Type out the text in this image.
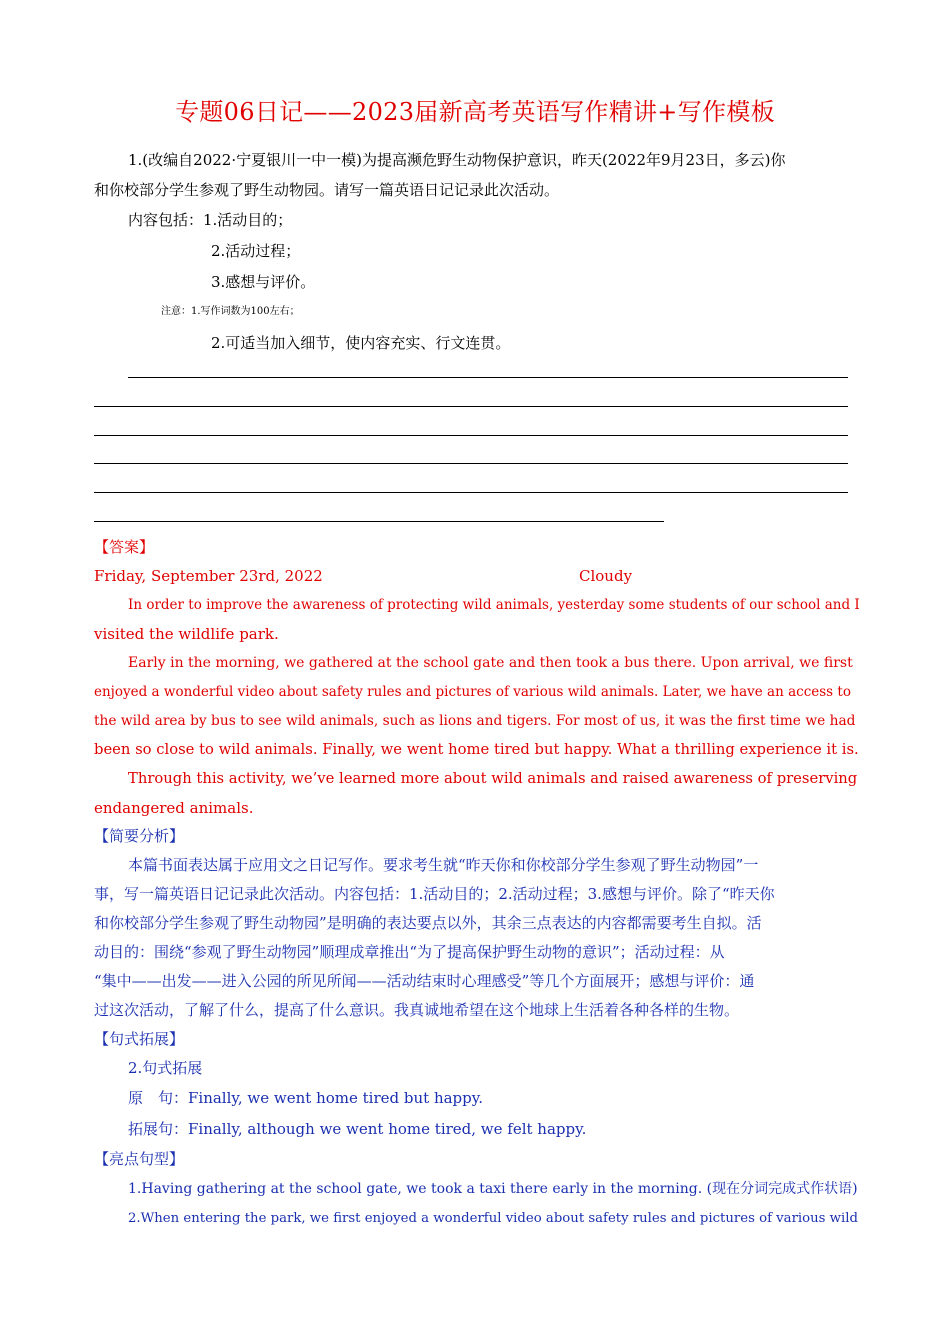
专题06日记——2023届新高考英语写作精讲+写作模板
1.(改编自2022·宁夏银川一中一模)为提高濒危野生动物保护意识，昨天(2022年9月23日，多云)你
和你校部分学生参观了野生动物园。请写一篇英语日记记录此次活动。
内容包括：1.活动目的；
2.活动过程；
3.感想与评价。
注意：1.写作词数为100左右；
2.可适当加入细节，使内容充实、行文连贯。
【答案】
Friday, September 23rd, 2022	Cloudy
In order to improve the awareness of protecting wild animals, yesterday some students of our school and I
visited the wildlife park.
Early in the morning, we gathered at the school gate and then took a bus there. Upon arrival, we first
enjoyed a wonderful video about safety rules and pictures of various wild animals. Later, we have an access to
the wild area by bus to see wild animals, such as lions and tigers. For most of us, it was the first time we had
been so close to wild animals. Finally, we went home tired but happy. What a thrilling experience it is.
Through this activity, we’ve learned more about wild animals and raised awareness of preserving
endangered animals.
【简要分析】
本篇书面表达属于应用文之日记写作。要求考生就“昨天你和你校部分学生参观了野生动物园”一
事，写一篇英语日记记录此次活动。内容包括：1.活动目的；2.活动过程；3.感想与评价。除了“昨天你
和你校部分学生参观了野生动物园”是明确的表达要点以外，其余三点表达的内容都需要考生自拟。活
动目的：围绕“参观了野生动物园”顺理成章推出“为了提高保护野生动物的意识”；活动过程：从
“集中——出发——进入公园的所见所闻——活动结束时心理感受”等几个方面展开；感想与评价：通
过这次活动，了解了什么，提高了什么意识。我真诚地希望在这个地球上生活着各种各样的生物。
【句式拓展】
2.句式拓展
原　句：Finally, we went home tired but happy.
拓展句：Finally, although we went home tired, we felt happy.
【亮点句型】
1.Having gathering at the school gate, we took a taxi there early in the morning. (现在分词完成式作状语)
2.When entering the park, we first enjoyed a wonderful video about safety rules and pictures of various wild
